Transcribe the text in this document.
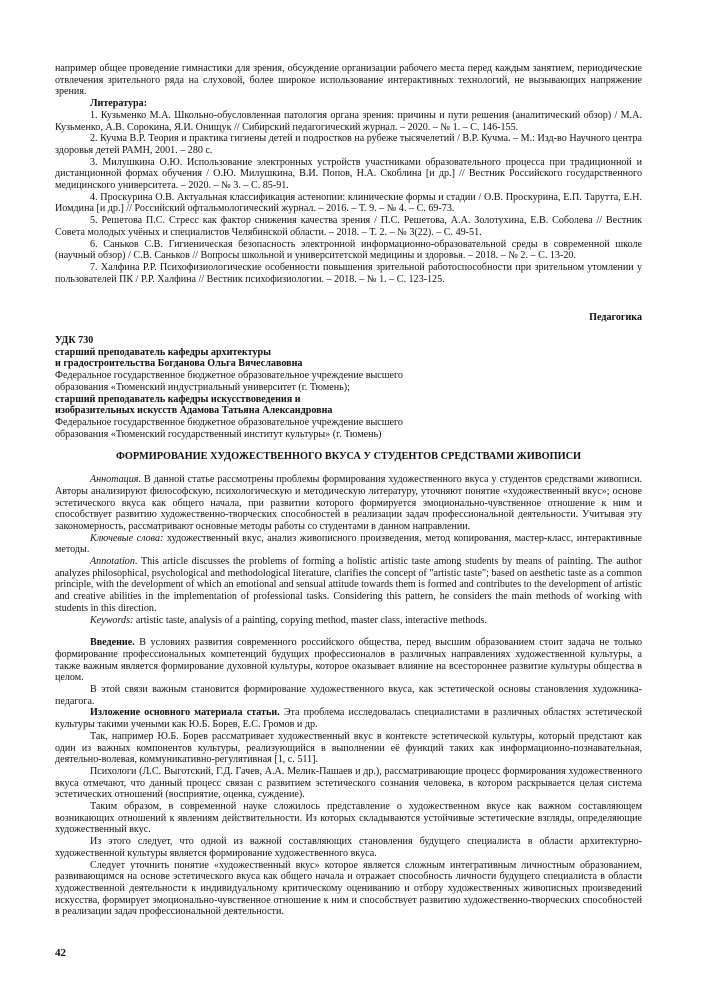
например общее проведение гимнастики для зрения, обсуждение организации рабочего места перед каждым занятием, периодические отвлечения зрительного ряда на слуховой, более широкое использование интерактивных технологий, не вызывающих напряжение зрения.

Литература:

1. Кузьменко М.А. Школьно-обусловленная патология органа зрения: причины и пути решения (аналитический обзор) / М.А. Кузьменко, А.В. Сорокина, Я.И. Онищук // Сибирский педагогический журнал. – 2020. – № 1. – С. 146-155.

2. Кучма В.Р. Теория и практика гигиены детей и подростков на рубеже тысячелетий / В.Р. Кучма. – М.: Изд-во Научного центра здоровья детей РАМН, 2001. – 280 с.

3. Милушкина О.Ю. Использование электронных устройств участниками образовательного процесса при традиционной и дистанционной формах обучения / О.Ю. Милушкина, В.И. Попов, Н.А. Скоблина [и др.] // Вестник Российского государственного медицинского университета. – 2020. – № 3. – С. 85-91.

4. Проскурина О.В. Актуальная классификация астенопии: клинические формы и стадии / О.В. Проскурина, Е.П. Тарутта, Е.Н. Иомдина [и др.] // Российский офтальмологический журнал. – 2016. – Т. 9. – № 4. – С. 69-73.

5. Решетова П.С. Стресс как фактор снижения качества зрения / П.С. Решетова, А.А. Золотухина, Е.В. Соболева // Вестник Совета молодых учёных и специалистов Челябинской области. – 2018. – Т. 2. – № 3(22). – С. 49-51.

6. Саньков С.В. Гигиеническая безопасность электронной информационно-образовательной среды в современной школе (научный обзор) / С.В. Саньков // Вопросы школьной и университетской медицины и здоровья. – 2018. – № 2. – С. 13-20.

7. Халфина Р.Р. Психофизиологические особенности повышения зрительной работоспособности при зрительном утомлении у пользователей ПК / Р.Р. Халфина // Вестник психофизиологии. – 2018. – № 1. – С. 123-125.

Педагогика

УДК 730

старший преподаватель кафедры архитектуры

и градостроительства Богданова Ольга Вячеславовна

Федеральное государственное бюджетное образовательное учреждение высшего

образования «Тюменский индустриальный университет (г. Тюмень);

старший преподаватель кафедры искусствоведения и

изобразительных искусств Адамова Татьяна Александровна

Федеральное государственное бюджетное образовательное учреждение высшего

образования «Тюменский государственный институт культуры» (г. Тюмень)

ФОРМИРОВАНИЕ ХУДОЖЕСТВЕННОГО ВКУСА У СТУДЕНТОВ СРЕДСТВАМИ ЖИВОПИСИ

Аннотация. В данной статье рассмотрены проблемы формирования художественного вкуса у студентов средствами живописи. Авторы анализируют философскую, психологическую и методическую литературу, уточняют понятие «художественный вкус»; основе эстетического вкуса как общего начала, при развитии которого формируется эмоционально-чувственное отношение к ним и способствует развитию художественно-творческих способностей в реализации задач профессиональной деятельности. Учитывая эту закономерность, рассматривают основные методы работы со студентами в данном направлении.

Ключевые слова: художественный вкус, анализ живописного произведения, метод копирования, мастер-класс, интерактивные методы.

Annotation. This article discusses the problems of forming a holistic artistic taste among students by means of painting. The author analyzes philosophical, psychological and methodological literature, clarifies the concept of "artistic taste"; based on aesthetic taste as a common principle, with the development of which an emotional and sensual attitude towards them is formed and contributes to the development of artistic and creative abilities in the implementation of professional tasks. Considering this pattern, he considers the main methods of working with students in this direction.

Keywords: artistic taste, analysis of a painting, copying method, master class, interactive methods.

Введение. В условиях развития современного российского общества, перед высшим образованием стоит задача не только формирование профессиональных компетенций будущих профессионалов в различных направлениях художественной культуры, а также важным является формирование духовной культуры, которое оказывает влияние на всестороннее развитие культуры общества в целом.

В этой связи важным становится формирование художественного вкуса, как эстетической основы становления художника-педагога.

Изложение основного материала статьи. Эта проблема исследовалась специалистами в различных областях эстетической культуры такими учеными как Ю.Б. Борев, Е.С. Громов и др.

Так, например Ю.Б. Борев рассматривает художественный вкус в контексте эстетической культуры, который предстают как один из важных компонентов культуры, реализующийся в выполнении её функций таких как информационно-познавательная, деятельно-волевая, коммуникативно-регулятивная [1, с. 511].

Психологи (Л.С. Выготский, Г.Д. Гачев, А.А. Мелик-Пашаев и др.), рассматривающие процесс формирования художественного вкуса отмечают, что данный процесс связан с развитием эстетического сознания человека, в котором раскрывается целая система эстетических отношений (восприятие, оценка, суждение).

Таким образом, в современной науке сложилось представление о художественном вкусе как важном составляющем возникающих отношений к явлениям действительности. Из которых складываются устойчивые эстетические взгляды, определяющие художественный вкус.

Из этого следует, что одной из важной составляющих становления будущего специалиста в области архитектурно-художественной культуры является формирование художественного вкуса.

Следует уточнить понятие «художественный вкус» которое является сложным интегративным личностным образованием, развивающимся на основе эстетического вкуса как общего начала и отражает способность личности будущего специалиста в области художественной деятельности к индивидуальному критическому оцениванию и отбору художественных живописных произведений искусства, формирует эмоционально-чувственное отношение к ним и способствует развитию художественно-творческих способностей в реализации задач профессиональной деятельности.

42
